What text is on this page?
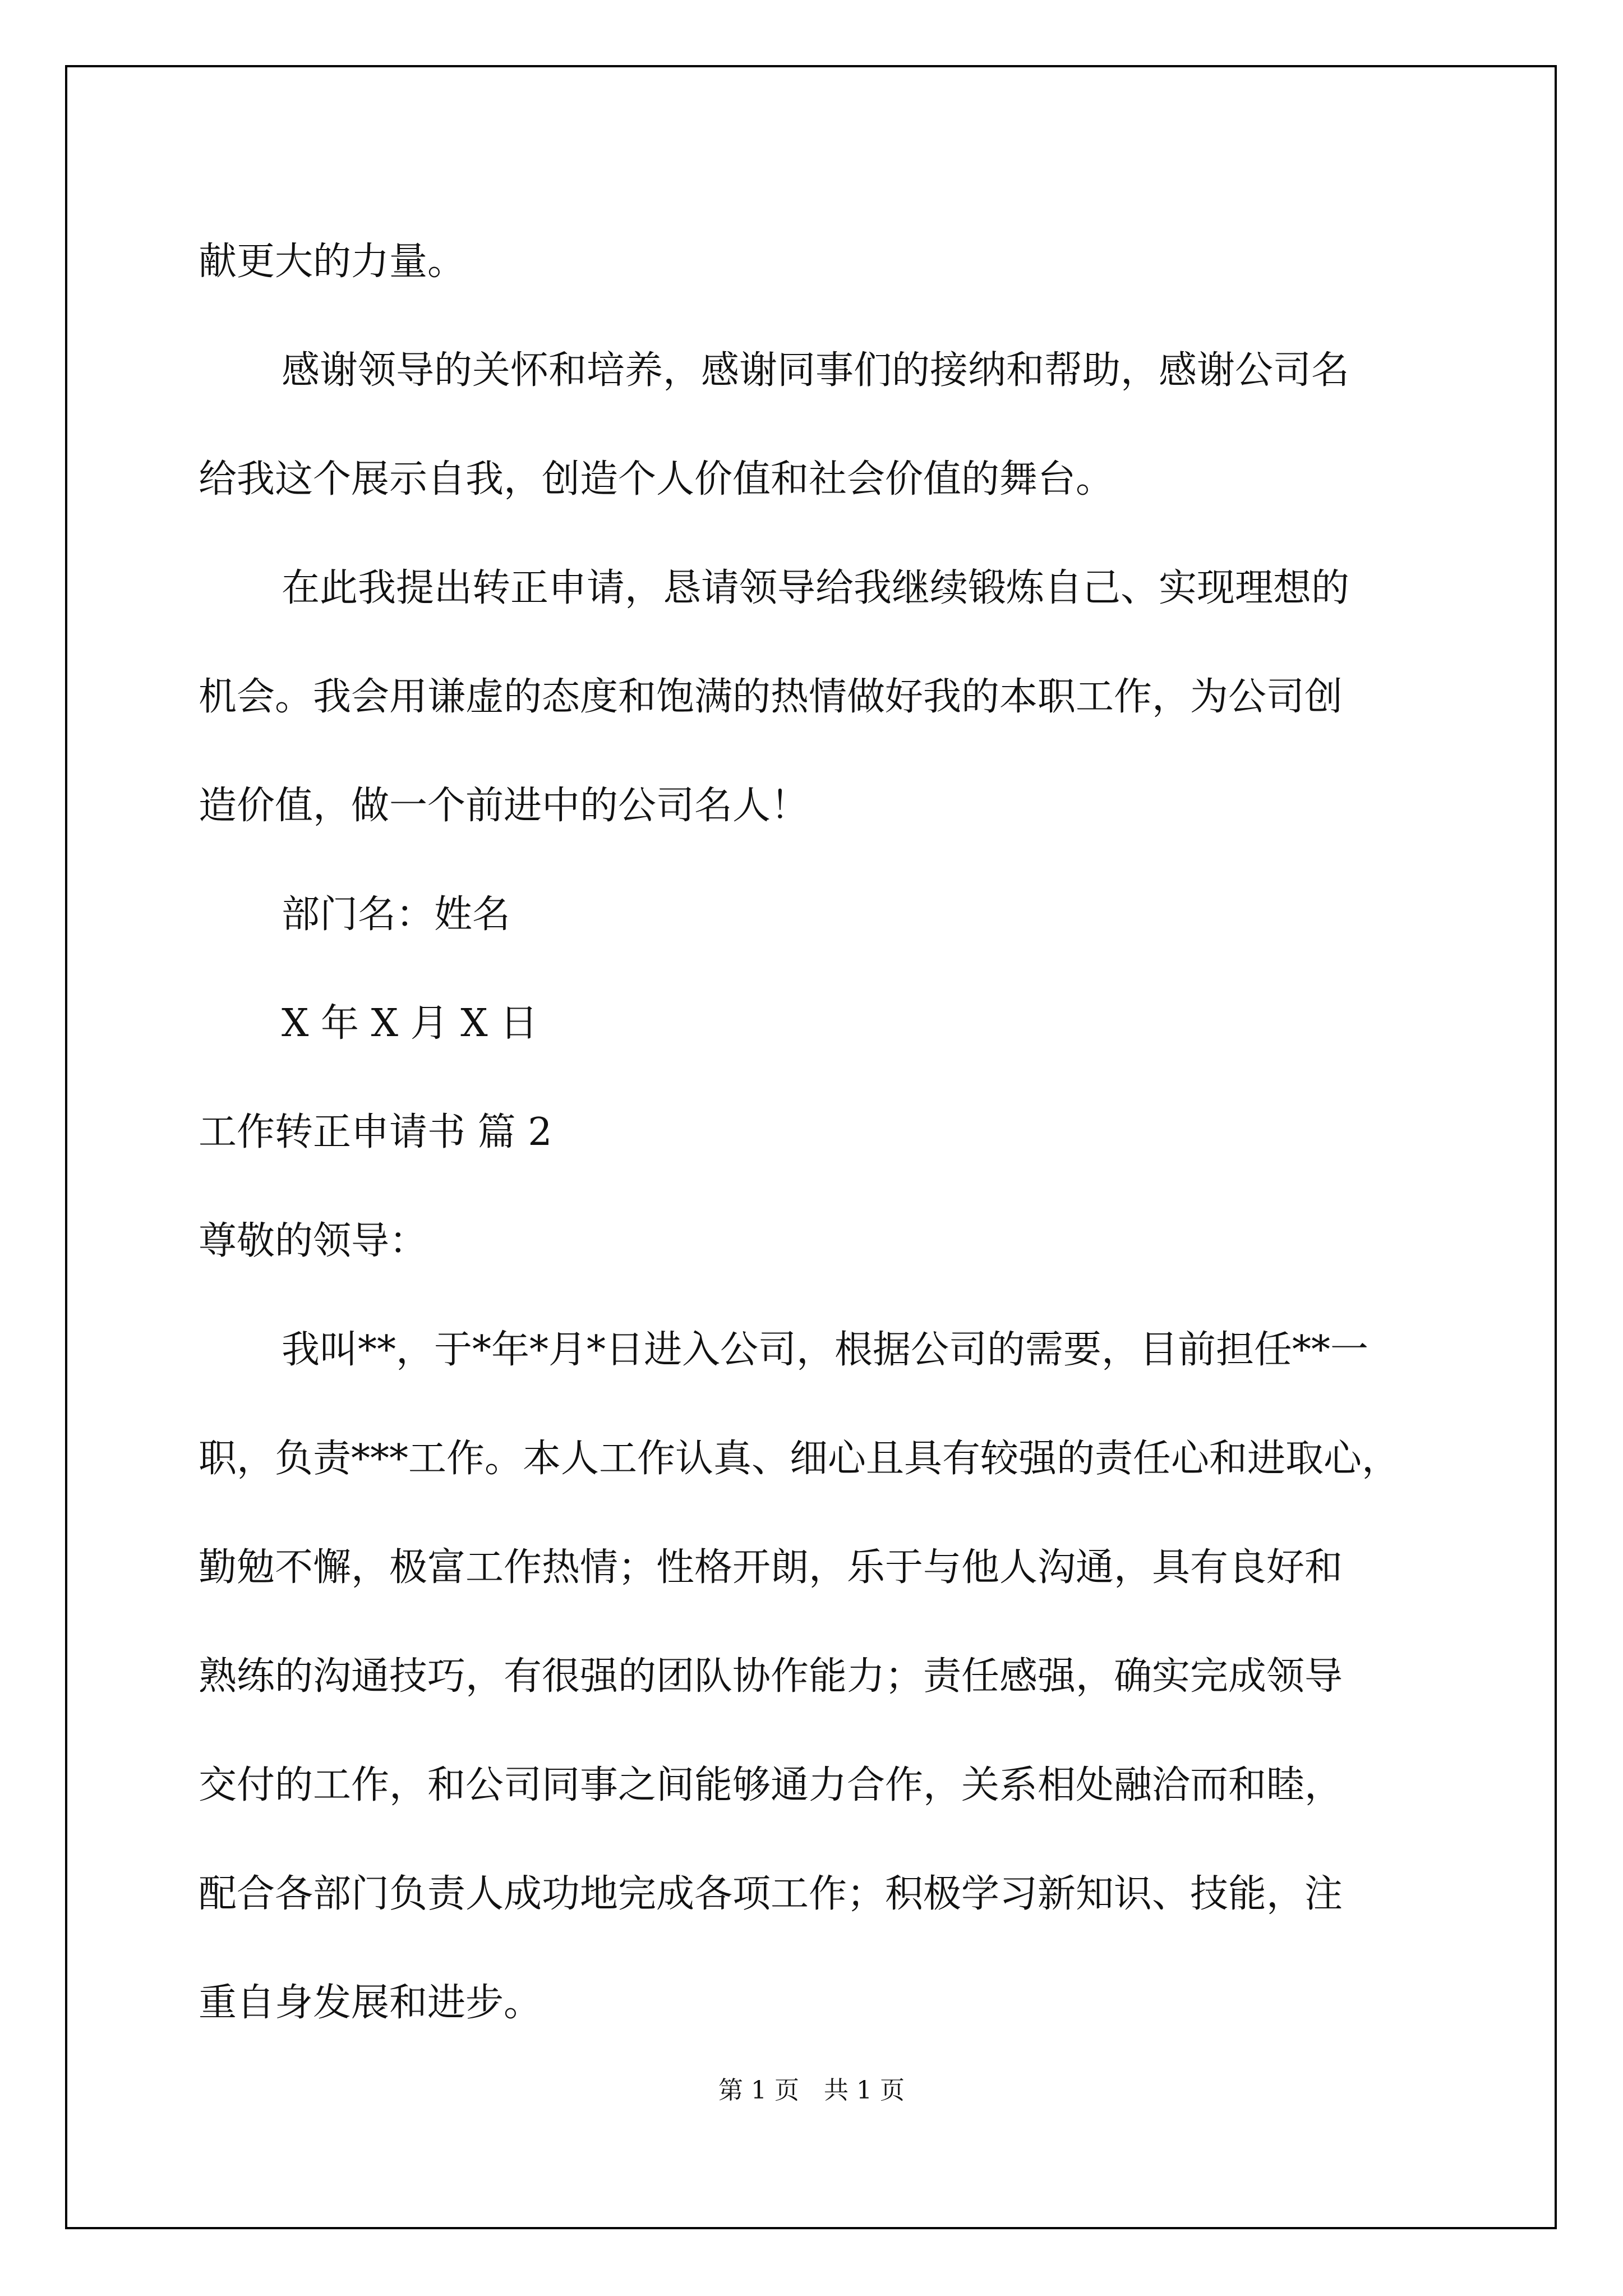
献更大的力量。
感谢领导的关怀和培养，感谢同事们的接纳和帮助，感谢公司名
给我这个展示自我，创造个人价值和社会价值的舞台。
在此我提出转正申请，恳请领导给我继续锻炼自己、实现理想的
机会。我会用谦虚的态度和饱满的热情做好我的本职工作，为公司创
造价值，做一个前进中的公司名人！
部门名：姓名
X 年 X 月 X 日
工作转正申请书 篇 2
尊敬的领导：
我叫**，于*年*月*日进入公司，根据公司的需要，目前担任**一
职，负责***工作。本人工作认真、细心且具有较强的责任心和进取心，
勤勉不懈，极富工作热情；性格开朗，乐于与他人沟通，具有良好和
熟练的沟通技巧，有很强的团队协作能力；责任感强，确实完成领导
交付的工作，和公司同事之间能够通力合作，关系相处融洽而和睦，
配合各部门负责人成功地完成各项工作；积极学习新知识、技能，注
重自身发展和进步。
第 1 页　共 1 页
